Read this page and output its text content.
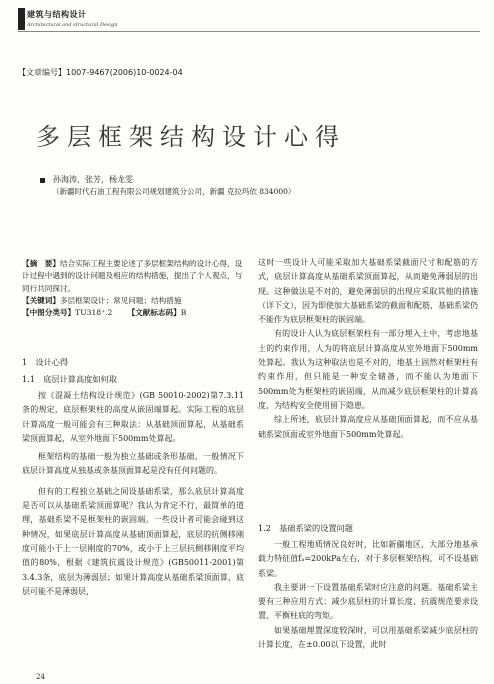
建筑与结构设计
Architectural and structural Design
【文章编号】1007-9467(2006)10-0024-04
多层框架结构设计心得
孙海涛，张芳，杨龙雯
（新疆时代石油工程有限公司规划建筑分公司，新疆 克拉玛依 834000）

【摘　要】结合实际工程主要论述了多层框架结构的设计心得，设计过程中遇到的设计问题及相应的结构措施，提出了个人观点，与同行共同探讨。

【关键词】多层框架设计；常见问题；结构措施

【中图分类号】TU318⁺.2   【文献标志码】B

1　设计心得
1.1　底层计算高度如何取

按《混凝土结构设计规范》(GB 50010-2002)第7.3.11条的规定，底层框架柱的高度从嵌固端算起。实际工程的底层计算高度一般可能会有三种取法：从基础顶面算起，从基础系梁顶面算起，从室外地面下500mm处算起。

框架结构的基础一般为独立基础或条形基础，一般情况下底层计算高度从独基或条基顶面算起是没有任何问题的。

但有的工程独立基础之间设基础系梁，那么底层计算高度是否可以从基础系梁顶面算呢？我认为肯定不行，最简单的道理，基础系梁不是框架柱的嵌固端。一些设计者可能会碰到这种情况，如果底层计算高度从基础顶面算起，底层的抗侧移刚度可能小于上一层刚度的70%，或小于上三层抗侧移刚度平均值的80%，根据《建筑抗震设计规范》(GB50011-2001)第3.4.3条，底层为薄弱层；如果计算高度从基础系梁顶面算，底层可能不是薄弱层，

这时一些设计人可能采取加大基础系梁截面尺寸和配筋的方式，底层计算高度从基础系梁顶面算起，从而避免薄弱层的出现。这种做法是不对的，避免薄弱层的出现应采取其他的措施（详下文），因为即使加大基础系梁的截面和配筋，基础系梁仍不能作为底层框架柱的嵌固端。

有的设计人认为底层框架柱有一部分埋入土中，考虑地基土的约束作用，人为的将底层计算高度从室外地面下500mm处算起。我认为这种取法也是不对的，地基土固然对框架柱有约束作用，但只能是一种安全储备，而不能认为地面下500mm处为框架柱的嵌固端，从而减少底层框架柱的计算高度，为结构安全使用留下隐患。

综上所述，底层计算高度应从基础顶面算起，而不应从基础系梁顶面或室外地面下500mm处算起。

1.2　基础系梁的设置问题

一般工程地质情况良好时，比如新疆地区，大部分地基承载力特征值fₐ=200kPa左右，对于多层框架结构，可不设基础系梁。

我主要讲一下设置基础系梁时应注意的问题。基础系梁主要有三种应用方式：减少底层柱的计算长度、抗震规范要求设置、平衡柱底的弯矩。

如果基础埋置深度较深时，可以用基础系梁减少底层柱的计算长度，在±0.00以下设置，此时

24
